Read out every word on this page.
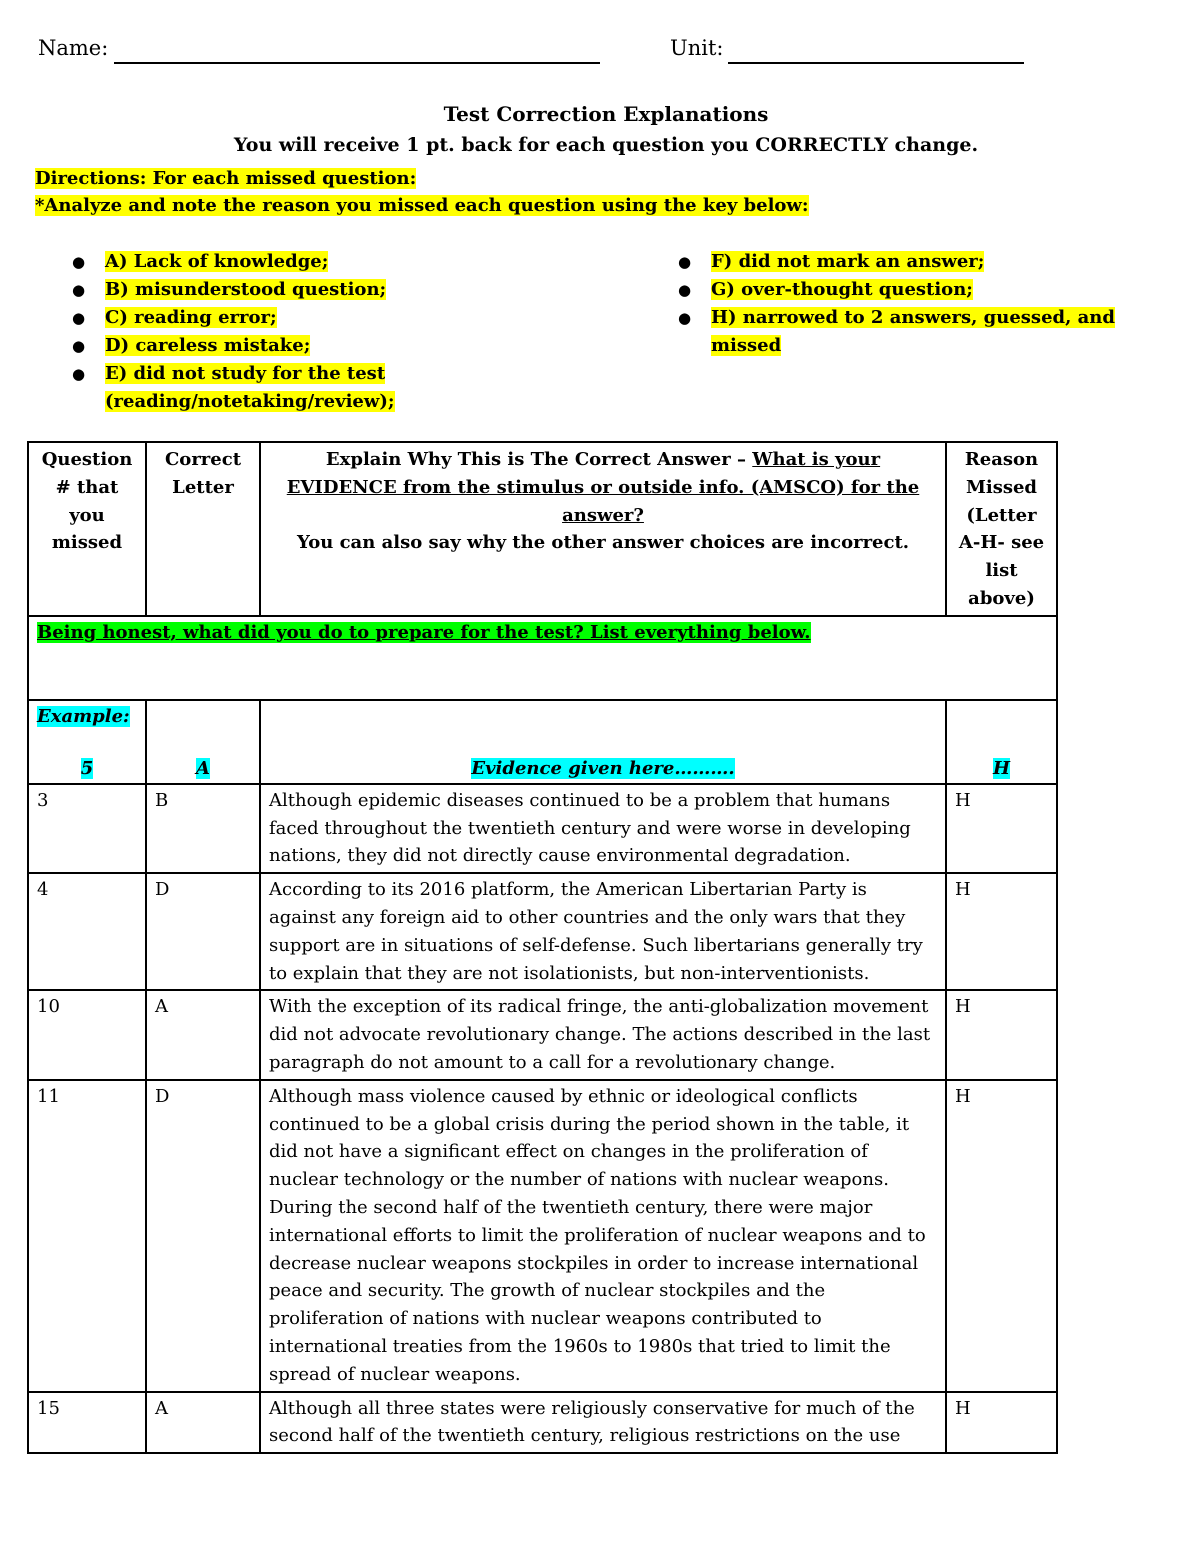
Name:	Unit:
Test Correction Explanations
You will receive 1 pt. back for each question you CORRECTLY change.
Directions: For each missed question:
*Analyze and note the reason you missed each question using the key below:
● A) Lack of knowledge;
● B) misunderstood question;
● C) reading error;
● D) careless mistake;
● E) did not study for the test (reading/notetaking/review);
● F) did not mark an answer;
● G) over-thought question;
● H) narrowed to 2 answers, guessed, and missed
Question # that you missed	Correct Letter	Explain Why This is The Correct Answer – What is your EVIDENCE from the stimulus or outside info. (AMSCO) for the answer?
You can also say why the other answer choices are incorrect.	Reason Missed (Letter A-H- see list above)
Being honest, what did you do to prepare for the test? List everything below.			
Example:
5	A	Evidence given here……….	H

3	B	Although epidemic diseases continued to be a problem that humans faced throughout the twentieth century and were worse in developing nations, they did not directly cause environmental degradation.	H
4	D	According to its 2016 platform, the American Libertarian Party is against any foreign aid to other countries and the only wars that they support are in situations of self-defense. Such libertarians generally try to explain that they are not isolationists, but non-interventionists.	H
10	A	With the exception of its radical fringe, the anti-globalization movement did not advocate revolutionary change. The actions described in the last paragraph do not amount to a call for a revolutionary change.	H
11	D	Although mass violence caused by ethnic or ideological conflicts continued to be a global crisis during the period shown in the table, it did not have a significant effect on changes in the proliferation of nuclear technology or the number of nations with nuclear weapons. During the second half of the twentieth century, there were major international efforts to limit the proliferation of nuclear weapons and to decrease nuclear weapons stockpiles in order to increase international peace and security. The growth of nuclear stockpiles and the proliferation of nations with nuclear weapons contributed to international treaties from the 1960s to 1980s that tried to limit the spread of nuclear weapons.	H
15	A	Although all three states were religiously conservative for much of the second half of the twentieth century, religious restrictions on the use	H
